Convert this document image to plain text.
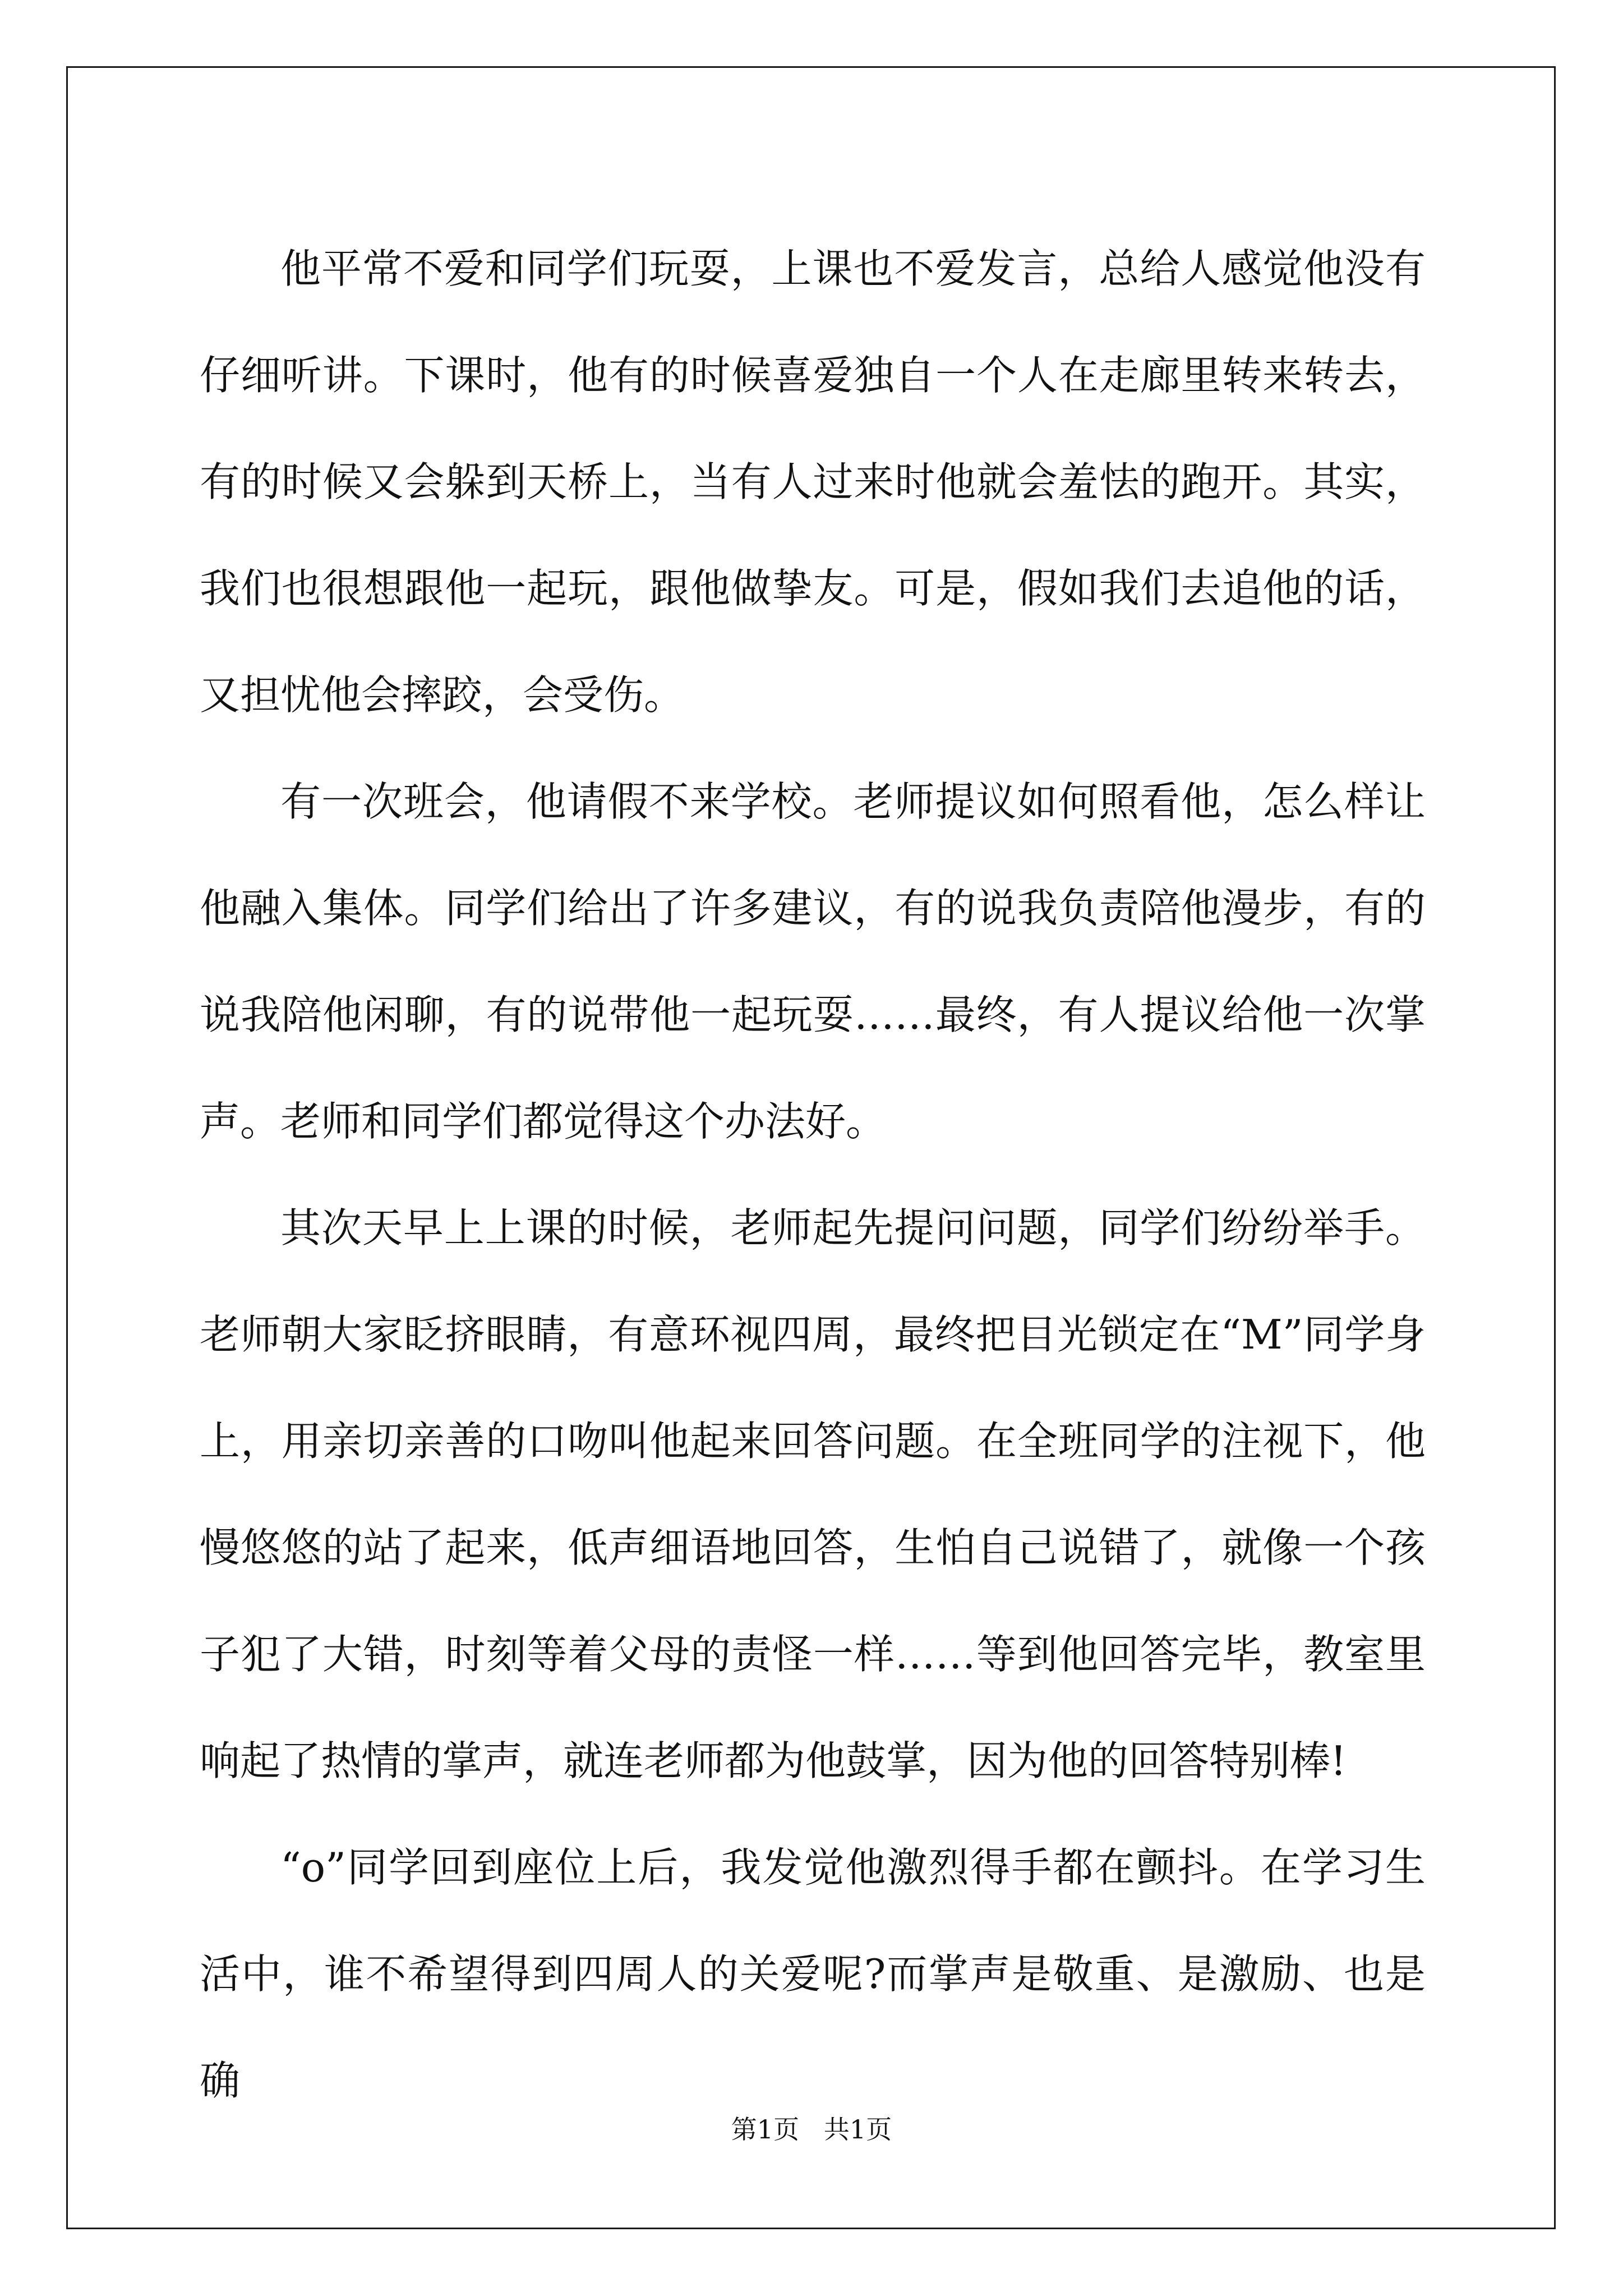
他平常不爱和同学们玩耍，上课也不爱发言，总给人感觉他没有仔细听讲。下课时，他有的时候喜爱独自一个人在走廊里转来转去，有的时候又会躲到天桥上，当有人过来时他就会羞怯的跑开。其实，我们也很想跟他一起玩，跟他做挚友。可是，假如我们去追他的话，又担忧他会摔跤，会受伤。

有一次班会，他请假不来学校。老师提议如何照看他，怎么样让他融入集体。同学们给出了许多建议，有的说我负责陪他漫步，有的说我陪他闲聊，有的说带他一起玩耍……最终，有人提议给他一次掌声。老师和同学们都觉得这个办法好。

其次天早上上课的时候，老师起先提问问题，同学们纷纷举手。老师朝大家眨挤眼睛，有意环视四周，最终把目光锁定在“M”同学身上，用亲切亲善的口吻叫他起来回答问题。在全班同学的注视下，他慢悠悠的站了起来，低声细语地回答，生怕自己说错了，就像一个孩子犯了大错，时刻等着父母的责怪一样……等到他回答完毕，教室里响起了热情的掌声，就连老师都为他鼓掌，因为他的回答特别棒!

“o”同学回到座位上后，我发觉他激烈得手都在颤抖。在学习生活中，谁不希望得到四周人的关爱呢?而掌声是敬重、是激励、也是确

第1页   共1页
